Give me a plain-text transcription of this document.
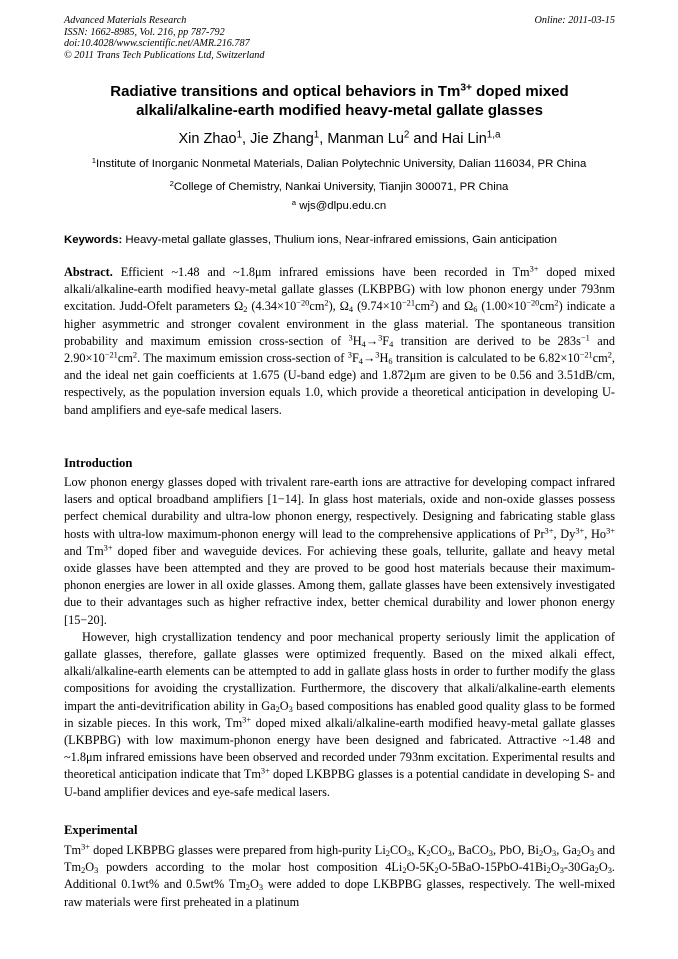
Advanced Materials Research
ISSN: 1662-8985, Vol. 216, pp 787-792
doi:10.4028/www.scientific.net/AMR.216.787
© 2011 Trans Tech Publications Ltd, Switzerland
Online: 2011-03-15
Radiative transitions and optical behaviors in $Tm^{3+}$ doped mixed
alkali/alkaline-earth modified heavy-metal gallate glasses
Xin Zhao$^1$, Jie Zhang$^1$, Manman Lu$^2$ and Hai Lin$^{1,a}$
$^1$Institute of Inorganic Nonmetal Materials, Dalian Polytechnic University, Dalian 116034, PR China
$^2$College of Chemistry, Nankai University, Tianjin 300071, PR China
$^a$ wjs@dlpu.edu.cn
Keywords: Heavy-metal gallate glasses, Thulium ions, Near-infrared emissions, Gain anticipation

Abstract. Efficient ~1.48 and ~1.8μm infrared emissions have been recorded in $Tm^{3+}$ doped mixed alkali/alkaline-earth modified heavy-metal gallate glasses (LKBPBG) with low phonon energy under 793nm excitation. Judd-Ofelt parameters $\Omega_2$ $(4.34\times 10^{-20}cm^2)$, $\Omega_4$ $(9.74\times 10^{-21}cm^2)$ and $\Omega_6$ $(1.00\times 10^{-20}cm^2)$ indicate a higher asymmetric and stronger covalent environment in the glass material. The spontaneous transition probability and maximum emission cross-section of $^3H_4\to^3F_4$ transition are derived to be $283s^{-1}$ and $2.90\times 10^{-21}cm^2$. The maximum emission cross-section of $^3F_4\to^3H_6$ transition is calculated to be $6.82\times 10^{-21}cm^2$, and the ideal net gain coefficients at 1.675 (U-band edge) and 1.872μm are given to be 0.56 and 3.51dB/cm, respectively, as the population inversion equals 1.0, which provide a theoretical anticipation in developing U-band amplifiers and eye-safe medical lasers.

Introduction

Low phonon energy glasses doped with trivalent rare-earth ions are attractive for developing compact infrared lasers and optical broadband amplifiers [1−14]. In glass host materials, oxide and non-oxide glasses possess perfect chemical durability and ultra-low phonon energy, respectively. Designing and fabricating stable glass hosts with ultra-low maximum-phonon energy will lead to the comprehensive applications of $Pr^{3+}$, $Dy^{3+}$, $Ho^{3+}$ and $Tm^{3+}$ doped fiber and waveguide devices. For achieving these goals, tellurite, gallate and heavy metal oxide glasses have been attempted and they are proved to be good host materials because their maximum-phonon energies are lower in all oxide glasses. Among them, gallate glasses have been extensively investigated due to their advantages such as higher refractive index, better chemical durability and lower phonon energy [15−20].

However, high crystallization tendency and poor mechanical property seriously limit the application of gallate glasses, therefore, gallate glasses were optimized frequently. Based on the mixed alkali effect, alkali/alkaline-earth elements can be attempted to add in gallate glass hosts in order to further modify the glass compositions for avoiding the crystallization. Furthermore, the discovery that alkali/alkaline-earth elements impart the anti-devitrification ability in $Ga_2O_3$ based compositions has enabled good quality glass to be formed in sizable pieces. In this work, $Tm^{3+}$ doped mixed alkali/alkaline-earth modified heavy-metal gallate glasses (LKBPBG) with low maximum-phonon energy have been designed and fabricated. Attractive ~1.48 and ~1.8μm infrared emissions have been observed and recorded under 793nm excitation. Experimental results and theoretical anticipation indicate that $Tm^{3+}$ doped LKBPBG glasses is a potential candidate in developing S- and U-band amplifier devices and eye-safe medical lasers.

Experimental

$Tm^{3+}$ doped LKBPBG glasses were prepared from high-purity $Li_2CO_3$, $K_2CO_3$, BaCO$_3$, PbO, $Bi_2O_3$, $Ga_2O_3$ and $Tm_2O_3$ powders according to the molar host composition $4Li_2O-5K_2O-5BaO-15PbO-41Bi_2O_3-30Ga_2O_3$. Additional 0.1wt% and 0.5wt% $Tm_2O_3$ were added to dope LKBPBG glasses, respectively. The well-mixed raw materials were first preheated in a platinum
